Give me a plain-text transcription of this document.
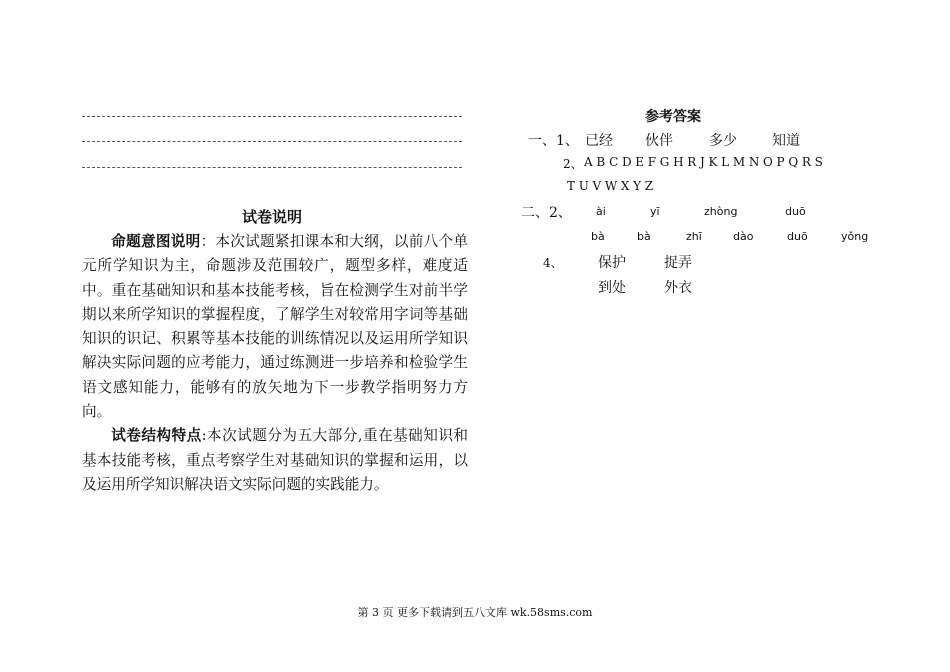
试卷说明

命题意图说明：本次试题紧扣课本和大纲，以前八个单元所学知识为主，命题涉及范围较广，题型多样，难度适中。重在基础知识和基本技能考核，旨在检测学生对前半学期以来所学知识的掌握程度，了解学生对较常用字词等基础知识的识记、积累等基本技能的训练情况以及运用所学知识解决实际问题的应考能力，通过练测进一步培养和检验学生语文感知能力，能够有的放矢地为下一步教学指明努力方向。

试卷结构特点:本次试题分为五大部分,重在基础知识和基本技能考核，重点考察学生对基础知识的掌握和运用，以及运用所学知识解决语文实际问题的实践能力。

参考答案
一、1、 已经 伙伴	多少	知道
2、 ABCDEFGHRJKLMNOPQRS
TUVWXYZ
二、2、 ài	yī	zhòng	duō
bà	bà	zhī	dào	duō	yǒng
4、	保护	捉弄
到处	外衣
第 3 页 更多下载请到五八文库 wk.58sms.com
